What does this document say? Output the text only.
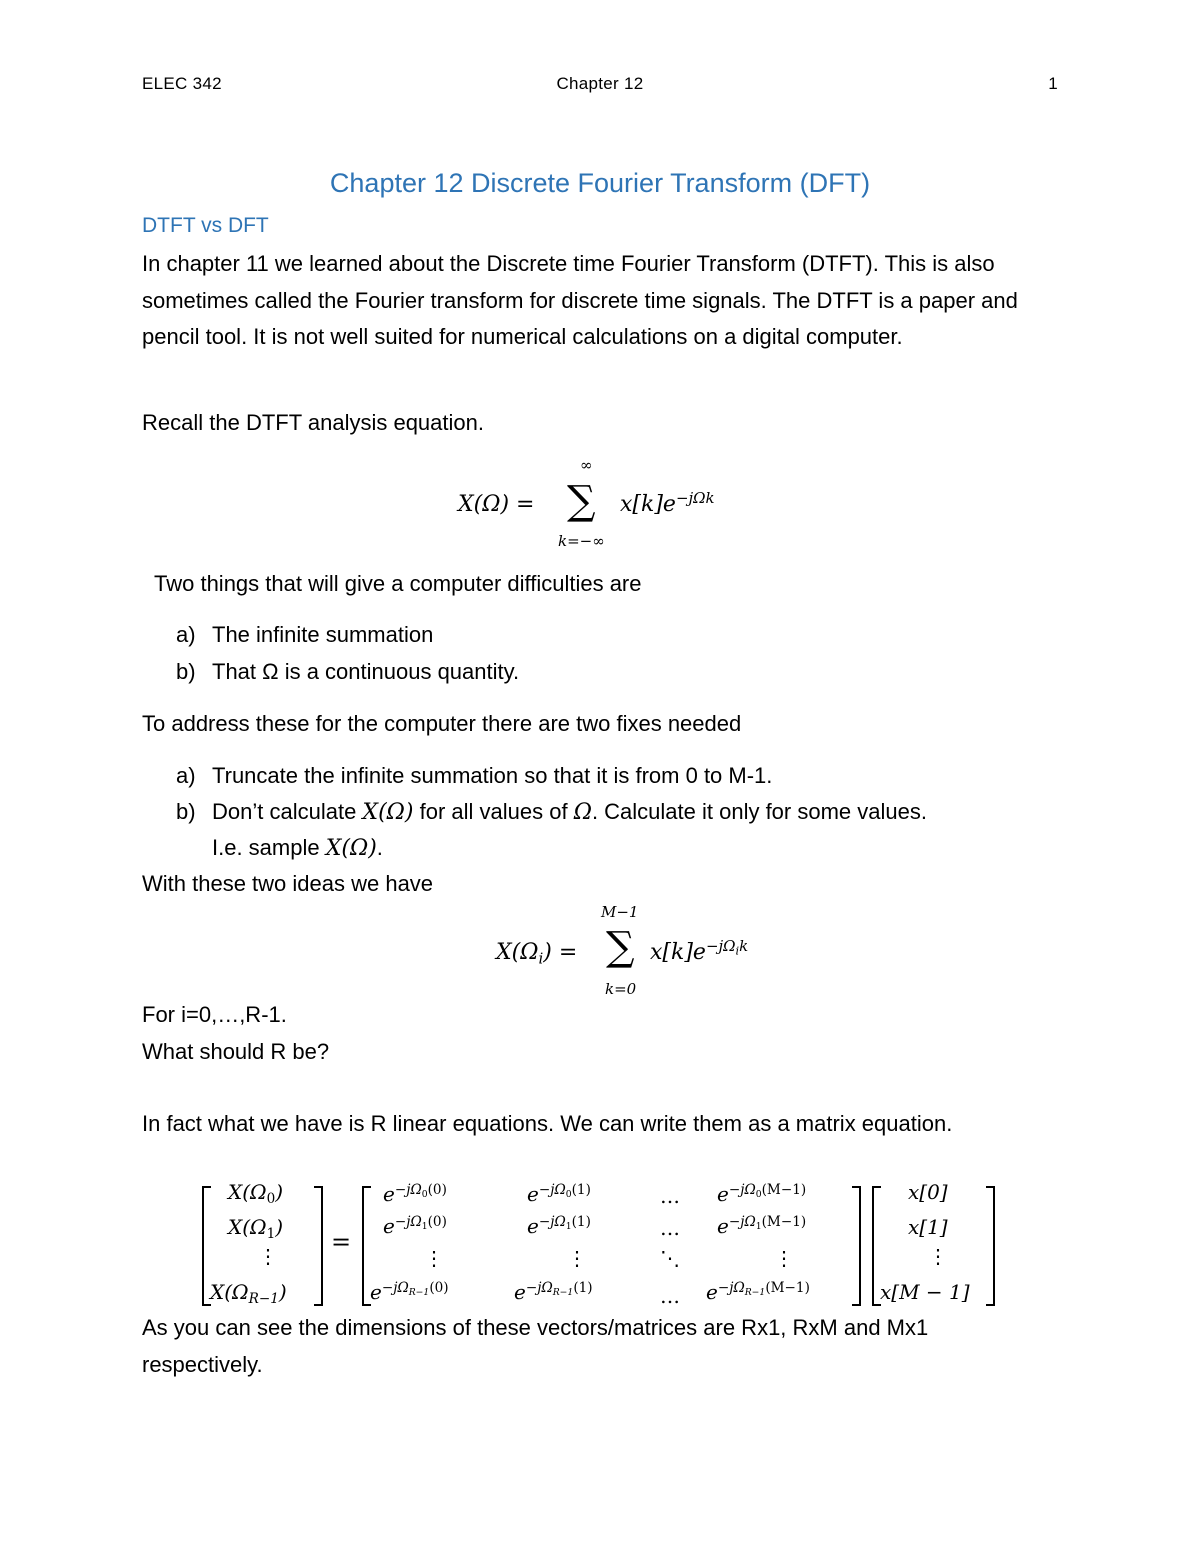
ELEC 342	Chapter 12	1
Chapter 12 Discrete Fourier Transform (DFT)
DTFT vs DFT
In chapter 11 we learned about the Discrete time Fourier Transform (DTFT). This is also sometimes called the Fourier transform for discrete time signals. The DTFT is a paper and pencil tool. It is not well suited for numerical calculations on a digital computer.
Recall the DTFT analysis equation.
X(Ω) =
∞
∑
k=−∞
$x[k]e^{-j\Omega k}$
Two things that will give a computer difficulties are
a) The infinite summation
b) That Ω is a continuous quantity.
To address these for the computer there are two fixes needed
a) Truncate the infinite summation so that it is from 0 to M-1.
b) Don’t calculate X(Ω) for all values of Ω. Calculate it only for some values.
I.e. sample X(Ω).
With these two ideas we have
$X(\Omega_i)$ =
M−1
∑
k=0
$x[k]e^{-j\Omega_ik}$
For i=0,…,R-1.
What should R be?
In fact what we have is R linear equations. We can write them as a matrix equation.
$X(\Omega_0)$
$X(\Omega_1)$
⋮
$X(\Omega_{R-1})$
=
$e^{-j\Omega_0(0)}$	$e^{-j\Omega_0(1)}$	… $e^{-j\Omega_0(M-1)}$
$e^{-j\Omega_1(0)}$	$e^{-j\Omega_1(1)}$	… $e^{-j\Omega_1(M-1)}$
⋮	⋮	⋱	⋮
$e^{-j\Omega_{R-1}(0)}$	$e^{-j\Omega_{R-1}(1)}$	… $e^{-j\Omega_{R-1}(M-1)}$
x[0]
x[1]
⋮
x[M − 1]
As you can see the dimensions of these vectors/matrices are Rx1, RxM and Mx1 respectively.
